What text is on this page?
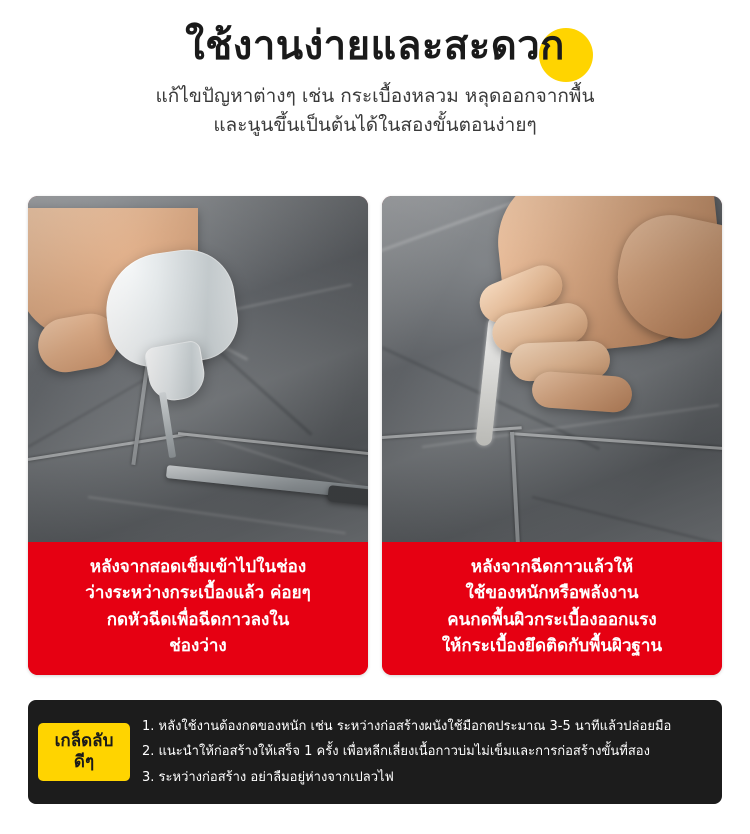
ใช้งานง่ายและสะดวก
แก้ไขปัญหาต่างๆ เช่น กระเบื้องหลวม หลุดออกจากพื้น
และนูนขึ้นเป็นต้นได้ในสองขั้นตอนง่ายๆ
หลังจากสอดเข็มเข้าไปในช่อง
ว่างระหว่างกระเบื้องแล้ว ค่อยๆ
กดหัวฉีดเพื่อฉีดกาวลงใน
ช่องว่าง
หลังจากฉีดกาวแล้วให้
ใช้ของหนักหรือพลังงาน
คนกดพื้นผิวกระเบื้องออกแรง
ให้กระเบื้องยึดติดกับพื้นผิวฐาน
เกล็ดลับ
ดีๆ
1. หลังใช้งานต้องกดของหนัก เช่น ระหว่างก่อสร้างผนังใช้มือกดประมาณ 3-5 นาทีแล้วปล่อยมือ
2. แนะนำให้ก่อสร้างให้เสร็จ 1 ครั้ง เพื่อหลีกเลี่ยงเนื้อกาวบ่มไม่เข็มและการก่อสร้างขั้นที่สอง
3. ระหว่างก่อสร้าง อย่าลืมอยู่ห่างจากเปลวไฟ
